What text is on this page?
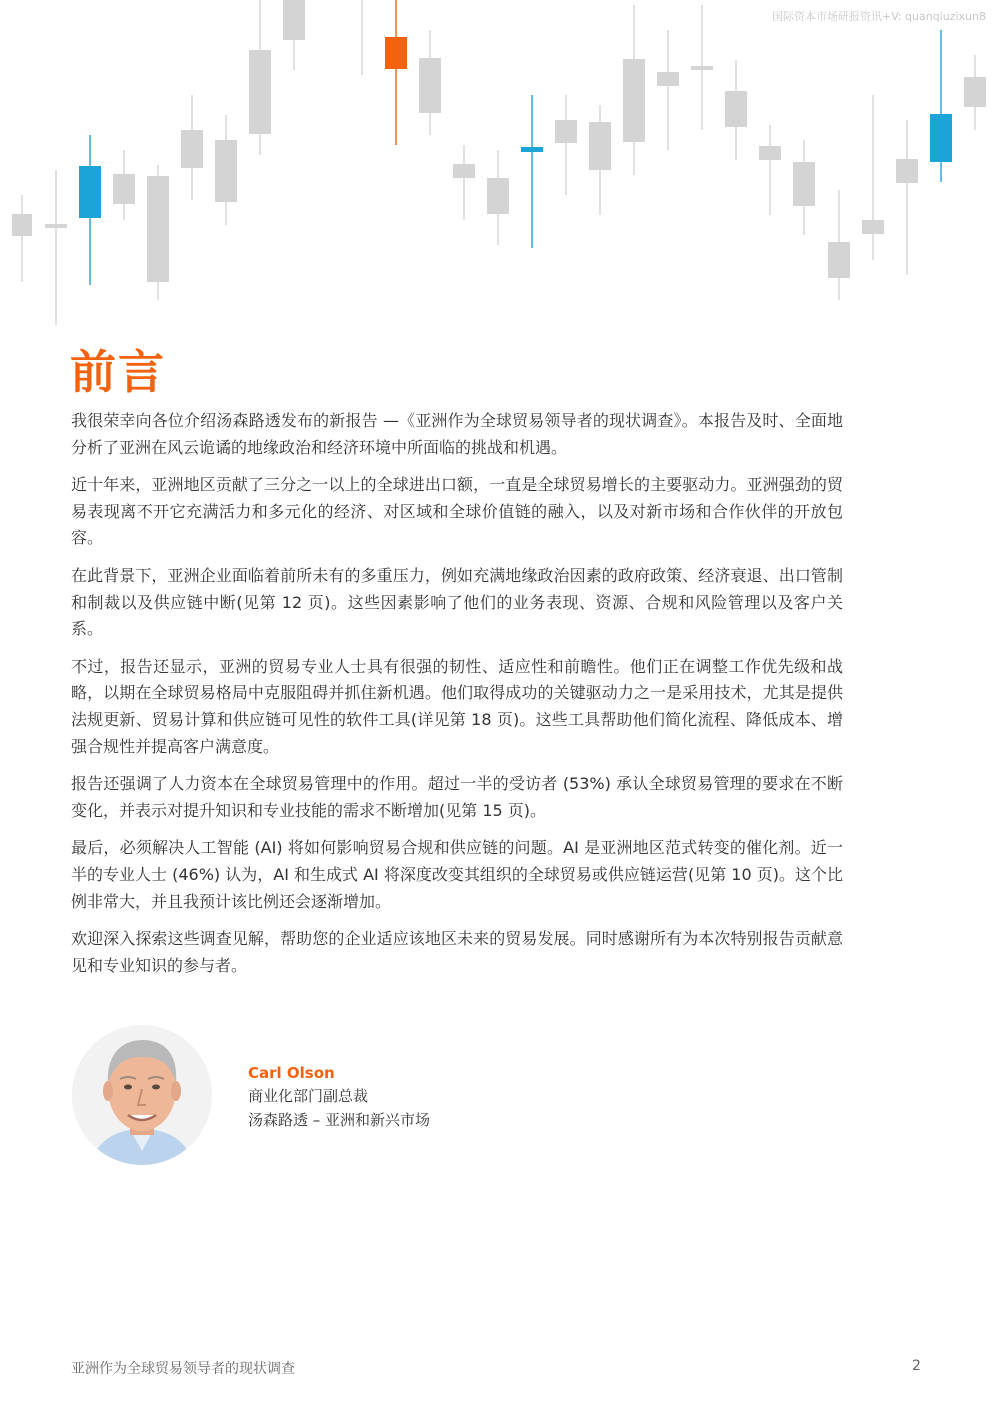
国际资本市场研报资讯+V: quanqiuzixun8
前言

我很荣幸向各位介绍汤森路透发布的新报告 —《亚洲作为全球贸易领导者的现状调查》。本报告及时、全面地分析了亚洲在风云诡谲的地缘政治和经济环境中所面临的挑战和机遇。

近十年来，亚洲地区贡献了三分之一以上的全球进出口额，一直是全球贸易增长的主要驱动力。亚洲强劲的贸易表现离不开它充满活力和多元化的经济、对区域和全球价值链的融入，以及对新市场和合作伙伴的开放包容。

在此背景下，亚洲企业面临着前所未有的多重压力，例如充满地缘政治因素的政府政策、经济衰退、出口管制和制裁以及供应链中断(见第 12 页)。这些因素影响了他们的业务表现、资源、合规和风险管理以及客户关系。

不过，报告还显示，亚洲的贸易专业人士具有很强的韧性、适应性和前瞻性。他们正在调整工作优先级和战略，以期在全球贸易格局中克服阻碍并抓住新机遇。他们取得成功的关键驱动力之一是采用技术，尤其是提供法规更新、贸易计算和供应链可见性的软件工具(详见第 18 页)。这些工具帮助他们简化流程、降低成本、增强合规性并提高客户满意度。

报告还强调了人力资本在全球贸易管理中的作用。超过一半的受访者 (53%) 承认全球贸易管理的要求在不断变化，并表示对提升知识和专业技能的需求不断增加(见第 15 页)。

最后，必须解决人工智能 (AI) 将如何影响贸易合规和供应链的问题。AI 是亚洲地区范式转变的催化剂。近一半的专业人士 (46%) 认为，AI 和生成式 AI 将深度改变其组织的全球贸易或供应链运营(见第 10 页)。这个比例非常大，并且我预计该比例还会逐渐增加。

欢迎深入探索这些调查见解，帮助您的企业适应该地区未来的贸易发展。同时感谢所有为本次特别报告贡献意见和专业知识的参与者。

Carl Olson
商业化部门副总裁
汤森路透 – 亚洲和新兴市场
亚洲作为全球贸易领导者的现状调查	2
